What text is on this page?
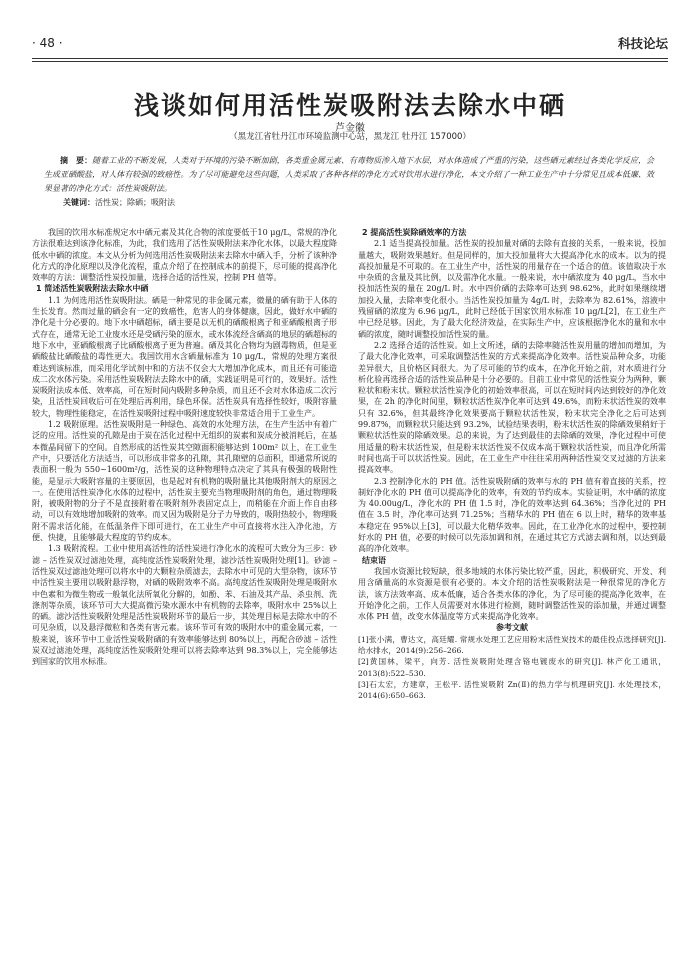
· 48 ·	科技论坛
浅谈如何用活性炭吸附法去除水中硒
芦金徽
（黑龙江省牡丹江市环境监测中心站，黑龙江 牡丹江 157000）
摘　要：随着工业的不断发展，人类对于环境的污染不断加剧，各类重金属元素、有毒物质渗入地下水层，对水体造成了严重的污染，这些硒元素经过各类化学反应，会生成亚硒酸盐，对人体有较强的致癌性。为了尽可能避免这些问题，人类采取了各种各样的净化方式对饮用水进行净化，本文介绍了一种工业生产中十分常见且成本低廉、效果显著的净化方式：活性炭吸附法。
关键词：活性炭；除硒；吸附法

我国的饮用水标准规定水中硒元素及其化合物的浓度要低于10 μg/L，常规的净化方法很难达到该净化标准，为此，我们选用了活性炭吸附法来净化水体，以最大程度降低水中硒的浓度。本文从分析为何选用活性炭吸附法来去除水中硒入手，分析了该种净化方式的净化原理以及净化流程，重点介绍了在控制成本的前提下，尽可能的提高净化效率的方法：调整活性炭投加量，选择合适的活性炭，控制 PH 值等。

1 简述活性炭吸附法去除水中硒

1.1 为何选用活性炭吸附法。硒是一种常见的非金属元素，微量的硒有助于人体的生长发育。然而过量的硒会有一定的致癌性，危害人的身体健康，因此，做好水中硒的净化是十分必要的。地下水中硒超标，硒主要是以无机的硒酸根离子和亚硒酸根离子形式存在，通常无论工业废水还是受硒污染的原水，或水体流经含硒高的地层的硒超标的地下水中，亚硒酸根离子比硒酸根离子更为普遍。硒及其化合物均为剧毒物质，但是亚硒酸盐比硒酸盐的毒性更大。我国饮用水含硒量标准为 10 μg/L，常规的处理方案很难达到该标准，而采用化学试剂中和的方法不仅会大大增加净化成本，而且还有可能造成二次水体污染。采用活性炭吸附法去除水中的硒，实践证明是可行的，效果好。活性炭吸附法成本低、效率高，可在短时间内吸附多种杂质，而且还不会对水体造成二次污染，且活性炭回收后可在处理后再利用，绿色环保。活性炭具有选择性较好，吸附容量较大，物理性能稳定，在活性炭吸附过程中吸附速度较快非常适合用于工业生产。

1.2 吸附原理。活性炭吸附是一种绿色、高效的水处理方法，在生产生活中有着广泛的应用。活性炭的孔隙是由于炭在活化过程中无组织的炭素和炭成分被消耗后，在基本微晶间留下的空间。自然形成的活性炭其空隙面积能够达到 100m² 以上，在工业生产中，只要活化方法适当，可以形成非常多的孔隙，其孔隙壁的总面积，即通常所说的表面积一般为 550~1600m²/g，活性炭的这种物理特点决定了其具有极强的吸附性能，是显示大吸附容量的主要原因，也是起对有机物的吸附量比其他吸附剂大的原因之一。在使用活性炭净化水体的过程中，活性炭主要充当物理吸附剂的角色，通过物理吸附，被吸附物的分子不是直接附着在吸附剂外表固定点上，而稍能在介面上作自由移动，可以有效地增加吸附的效率。而又因为吸附是分子力导致的，吸附热较小，物理吸附不需求活化能，在低温条件下即可进行，在工业生产中可直接将水注入净化池，方便、快捷，且能够最大程度的节约成本。

1.3 吸附流程。工业中使用高活性的活性炭进行净化水的流程可大致分为三步：砂滤 – 活性炭双过滤池处理，高纯度活性炭吸附处理，滤沙活性炭吸附处理[1]。砂滤 – 活性炭双过滤池处理可以将水中的大颗粒杂质滤去，去除水中可见的大型杂物，该环节中活性炭主要用以吸附悬浮物，对硒的吸附效率不高。高纯度活性炭吸附处理是吸附水中色素和为微生物或一般氧化法所氧化分解的，如酚、苯、石油及其产品、杀虫剂、洗涤剂等杂质，该环节可大大提高微污染水源水中有机物的去除率，吸附水中 25%以上的硒。滤沙活性炭吸附处理是活性炭吸附环节的最后一步，其处理目标是去除水中的不可见杂质，以及悬浮微粒和各类有害元素。该环节可有效的吸附水中的重金属元素，一般来说，该环节中工业活性炭吸附硒的有效率能够达到 80%以上，再配合砂滤 – 活性炭双过滤池处理，高纯度活性炭吸附处理可以将去除率达到 98.3%以上，完全能够达到国家的饮用水标准。

2 提高活性炭除硒效率的方法

2.1 适当提高投加量。活性炭的投加量对硒的去除有直接的关系，一般来说，投加量越大，吸附效果越好。但是同样的，加大投加量将大大提高净化水的成本。以为的提高投加量是不可取的。在工业生产中，活性炭的用量存在一个适合的值。该值取决于水中杂质的含量及其比例，以及需净化水量。一般来说，水中硒浓度为 40 μg/L，当水中投加活性炭的量在 20g/L 时。水中四价硒的去除率可达到 98.62%，此时如果继续增加投入量，去除率变化很小。当活性炭投加量为 4g/L 时，去除率为 82.61%，溶液中残留硒的浓度为 6.96 μg/L，此时已经低于国家饮用水标准 10 μg/L[2]，在工业生产中已经足够。因此，为了最大化经济效益，在实际生产中，应该根据净化水的量和水中硒的浓度，随时调整投加活性炭的量。

2.2 选择合适的活性炭。如上文所述，硒的去除率随活性炭用量的增加而增加，为了最大化净化效率，可采取调整活性炭的方式来提高净化效率。活性炭品种众多，功能差异很大，且价格区间很大。为了尽可能的节约成本，在净化开始之前，对水质进行分析化验再选择合适的活性炭品种是十分必要的。目前工业中常见的活性炭分为两种，颗粒状和粉末状。颗粒状活性炭净化的初始效率很高，可以在短时间内达到较好的净化效果，在 2h 的净化时间里，颗粒状活性炭净化率可达到 49.6%，而粉末状活性炭的效率只有 32.6%，但其最终净化效果要高于颗粒状活性炭，粉末状完全净化之后可达到 99.87%，而颗粒状只能达到 93.2%，试验结果表明，粉末状活性炭的除硒效果稍好于颗粒状活性炭的除硒效果。总的来说，为了达到最佳的去除硒的效果，净化过程中可使用适量的粉末状活性炭，但是粉末状活性炭不仅成本高于颗粒状活性炭，而且净化所需时间也高于可以状活性炭。因此，在工业生产中往往采用两种活性炭交叉过滤的方法来提高效率。

2.3 控制净化水的 PH 值。活性炭吸附硒的效率与水的 PH 值有着直接的关系，控制好净化水的 PH 值可以提高净化的效率，有效的节约成本。实验证明，水中硒的浓度为 40.00ug/L，净化水的 PH 值 1.5 时，净化的效率达到 64.36%；当净化过的 PH 值在 3.5 时，净化率可达到 71.25%；当精华水的 PH 值在 6 以上时，精华的效率基本稳定在 95%以上[3]，可以最大化精华效率。因此，在工业净化水的过程中，要控制好水的 PH 值，必要的时候可以先添加调和剂，在通过其它方式滤去调和剂，以达到最高的净化效率。

结束语

我国水资源比较短缺，很多地域的水体污染比较严重，因此，积极研究、开发、利用含硒量高的水资源是很有必要的。本文介绍的活性炭吸附法是一种很常见的净化方法，该方法效率高、成本低廉，适合各类水体的净化，为了尽可能的提高净化效率，在开始净化之前，工作人员需要对水体进行检测，随时调整活性炭的添加量，并通过调整水体 PH 值，改变水体温度等方式来提高净化效率。

参考文献

[1]张小满，曹达文，高廷耀. 常规水处理工艺应用粉末活性炭技术的最佳投点选择研究[J]. 给水排水，2014(9):256–266.

[2]黄国林，梁平，向芳. 活性炭吸附处理含铬电镀废水的研究[J]. 林产化工通讯，2013(8):522–530.

[3]石太宏，方建章，王松平. 活性炭吸附 Zn(Ⅱ)的热力学与机理研究[J]. 水处理技术，2014(6):650–663.
